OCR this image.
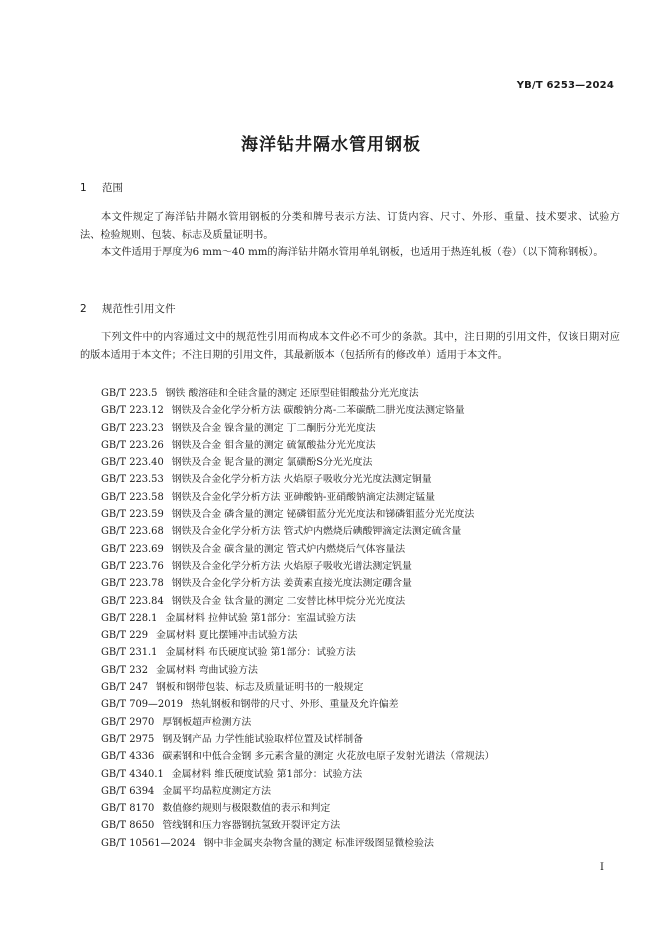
YB/T 6253—2024
海洋钻井隔水管用钢板
1 范围

本文件规定了海洋钻井隔水管用钢板的分类和牌号表示方法、订货内容、尺寸、外形、重量、技术要求、试验方法、检验规则、包装、标志及质量证明书。

本文件适用于厚度为6 mm～40 mm的海洋钻井隔水管用单轧钢板，也适用于热连轧板（卷）（以下简称钢板）。

2 规范性引用文件

下列文件中的内容通过文中的规范性引用而构成本文件必不可少的条款。其中，注日期的引用文件，仅该日期对应的版本适用于本文件；不注日期的引用文件，其最新版本（包括所有的修改单）适用于本文件。

GB/T 223.5 钢铁 酸溶硅和全硅含量的测定 还原型硅钼酸盐分光光度法
GB/T 223.12 钢铁及合金化学分析方法 碳酸钠分离-二苯碳酰二肼光度法测定铬量
GB/T 223.23 钢铁及合金 镍含量的测定 丁二酮肟分光光度法
GB/T 223.26 钢铁及合金 钼含量的测定 硫氰酸盐分光光度法
GB/T 223.40 钢铁及合金 铌含量的测定 氯磺酚S分光光度法
GB/T 223.53 钢铁及合金化学分析方法 火焰原子吸收分光光度法测定铜量
GB/T 223.58 钢铁及合金化学分析方法 亚砷酸钠-亚硝酸钠滴定法测定锰量
GB/T 223.59 钢铁及合金 磷含量的测定 铋磷钼蓝分光光度法和锑磷钼蓝分光光度法
GB/T 223.68 钢铁及合金化学分析方法 管式炉内燃烧后碘酸钾滴定法测定硫含量
GB/T 223.69 钢铁及合金 碳含量的测定 管式炉内燃烧后气体容量法
GB/T 223.76 钢铁及合金化学分析方法 火焰原子吸收光谱法测定钒量
GB/T 223.78 钢铁及合金化学分析方法 姜黄素直接光度法测定硼含量
GB/T 223.84 钢铁及合金 钛含量的测定 二安替比林甲烷分光光度法
GB/T 228.1 金属材料 拉伸试验 第1部分：室温试验方法
GB/T 229 金属材料 夏比摆锤冲击试验方法
GB/T 231.1 金属材料 布氏硬度试验 第1部分：试验方法
GB/T 232 金属材料 弯曲试验方法
GB/T 247 钢板和钢带包装、标志及质量证明书的一般规定
GB/T 709—2019 热轧钢板和钢带的尺寸、外形、重量及允许偏差
GB/T 2970 厚钢板超声检测方法
GB/T 2975 钢及钢产品 力学性能试验取样位置及试样制备
GB/T 4336 碳素钢和中低合金钢 多元素含量的测定 火花放电原子发射光谱法（常规法）
GB/T 4340.1 金属材料 维氏硬度试验 第1部分：试验方法
GB/T 6394 金属平均晶粒度测定方法
GB/T 8170 数值修约规则与极限数值的表示和判定
GB/T 8650 管线钢和压力容器钢抗氢致开裂评定方法
GB/T 10561—2024 钢中非金属夹杂物含量的测定 标准评级图显微检验法
I
